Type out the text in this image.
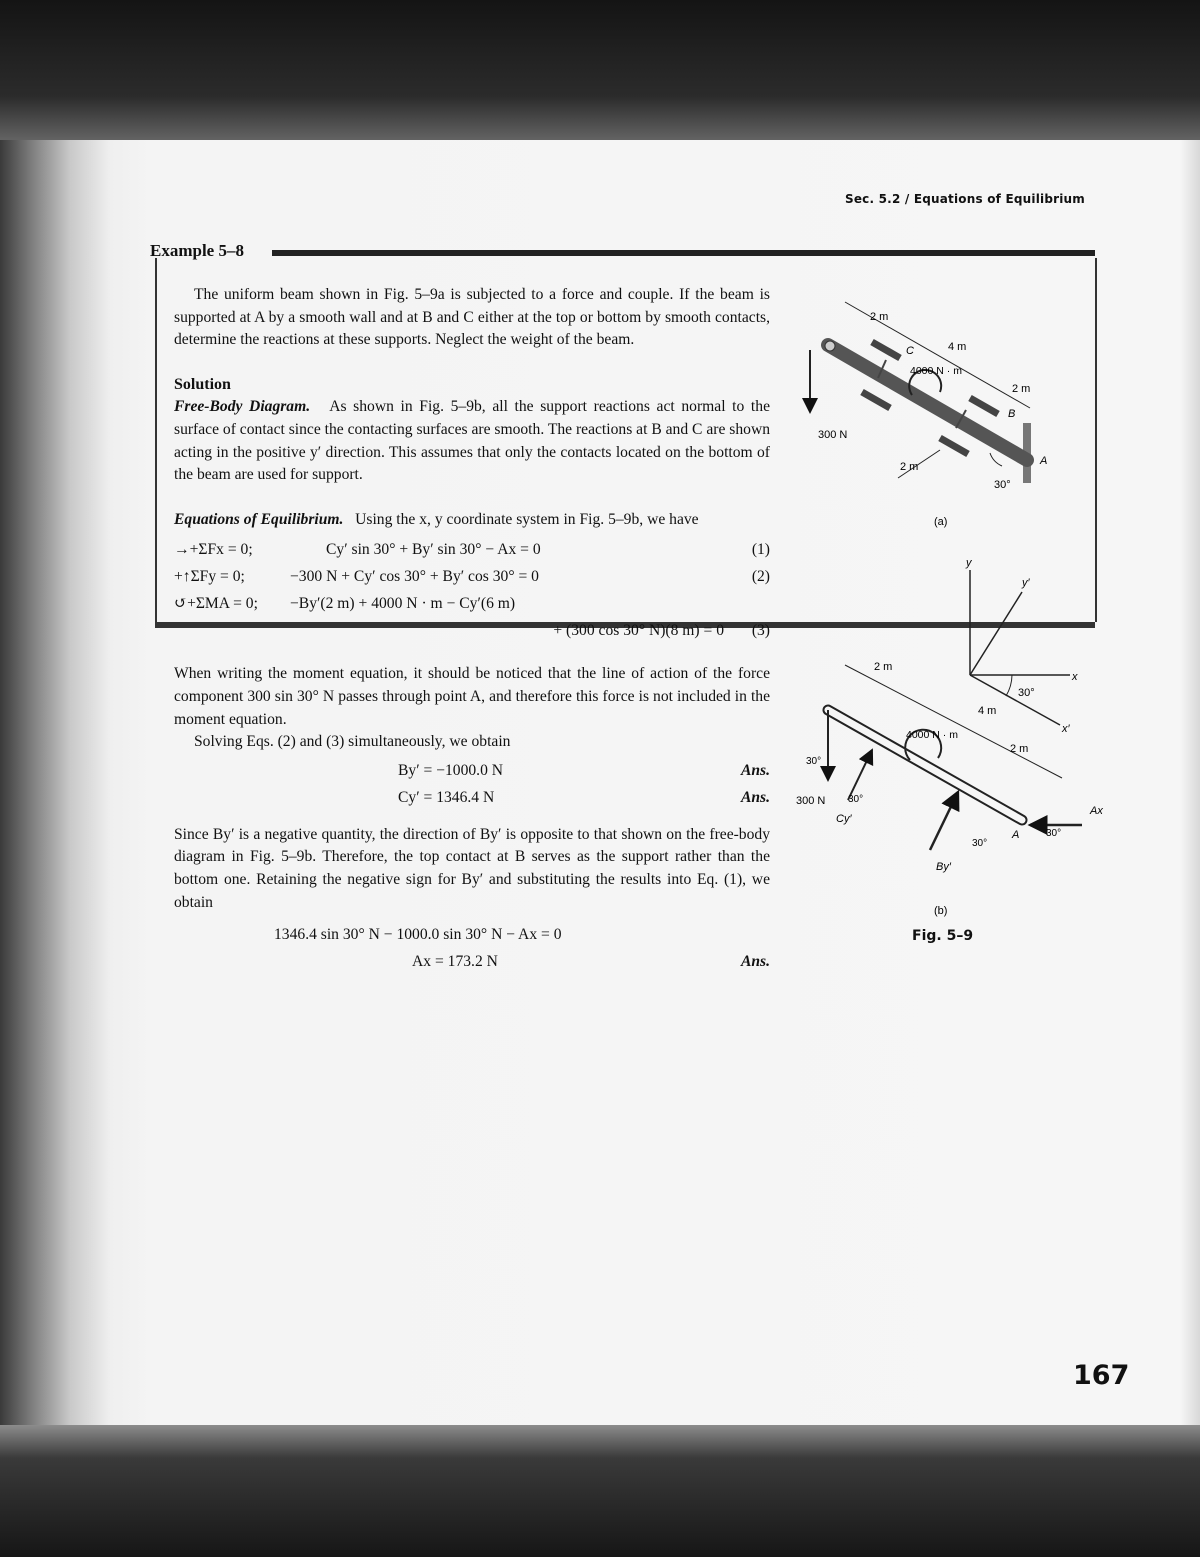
Sec. 5.2 / Equations of Equilibrium
Example 5–8

The uniform beam shown in Fig. 5–9a is subjected to a force and couple. If the beam is supported at A by a smooth wall and at B and C either at the top or bottom by smooth contacts, determine the reactions at these supports. Neglect the weight of the beam.

Solution

Free-Body Diagram. As shown in Fig. 5–9b, all the support reactions act normal to the surface of contact since the contacting surfaces are smooth. The reactions at B and C are shown acting in the positive y′ direction. This assumes that only the contacts located on the bottom of the beam are used for support.

Equations of Equilibrium. Using the x, y coordinate system in Fig. 5–9b, we have

→+ΣFx = 0;	Cy′ sin 30° + By′ sin 30° − Ax = 0	(1)
+↑ΣFy = 0;	−300 N + Cy′ cos 30° + By′ cos 30° = 0	(2)
↺+ΣMA = 0; −By′(2 m) + 4000 N · m − Cy′(6 m)
+ (300 cos 30° N)(8 m) = 0 (3)

When writing the moment equation, it should be noticed that the line of action of the force component 300 sin 30° N passes through point A, and therefore this force is not included in the moment equation.

Solving Eqs. (2) and (3) simultaneously, we obtain

By′ = −1000.0 N	Ans.
Cy′ = 1346.4 N	Ans.

Since By′ is a negative quantity, the direction of By′ is opposite to that shown on the free-body diagram in Fig. 5–9b. Therefore, the top contact at B serves as the support rather than the bottom one. Retaining the negative sign for By′ and substituting the results into Eq. (1), we obtain

1346.4 sin 30° N − 1000.0 sin 30° N − Ax = 0
Ax = 173.2 N	Ans.
2 m
4 m
2 m
2 m
4000 N · m
300 N
30°
A
B
C
(a)
y
y′
x
x′
30°
2 m
4 m
2 m
4000 N · m
300 N
30°
30°
30°
30°
Cy′
By′
Ax
A
(b)
Fig. 5–9
167
